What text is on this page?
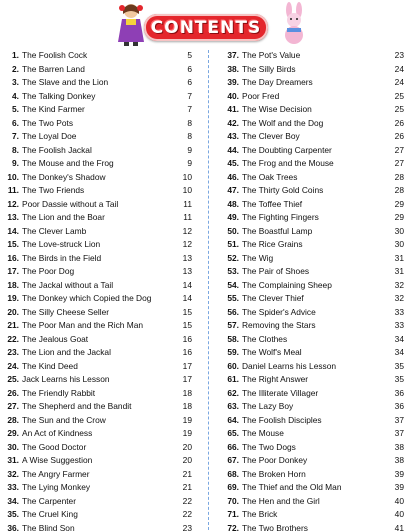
CONTENTS
1. The Foolish Cock	5
2. The Barren Land	6
3. The Slave and the Lion	6
4. The Talking Donkey	7
5. The Kind Farmer	7
6. The Two Pots	8
7. The Loyal Doe	8
8. The Foolish Jackal	9
9. The Mouse and the Frog	9
10. The Donkey's Shadow	10
11. The Two Friends	10
12. Poor Dassie without a Tail	11
13. The Lion and the Boar	11
14. The Clever Lamb	12
15. The Love-struck Lion	12
16. The Birds in the Field	13
17. The Poor Dog	13
18. The Jackal without a Tail	14
19. The Donkey which Copied the Dog	14
20. The Silly Cheese Seller	15
21. The Poor Man and the Rich Man	15
22. The Jealous Goat	16
23. The Lion and the Jackal	16
24. The Kind Deed	17
25. Jack Learns his Lesson	17
26. The Friendly Rabbit	18
27. The Shepherd and the Bandit	18
28. The Sun and the Crow	19
29. An Act of Kindness	19
30. The Good Doctor	20
31. A Wise Suggestion	20
32. The Angry Farmer	21
33. The Lying Monkey	21
34. The Carpenter	22
35. The Cruel King	22
36. The Blind Son	23
37. The Pot's Value	23
38. The Silly Birds	24
39. The Day Dreamers	24
40. Poor Fred	25
41. The Wise Decision	25
42. The Wolf and the Dog	26
43. The Clever Boy	26
44. The Doubting Carpenter	27
45. The Frog and the Mouse	27
46. The Oak Trees	28
47. The Thirty Gold Coins	28
48. The Toffee Thief	29
49. The Fighting Fingers	29
50. The Boastful Lamp	30
51. The Rice Grains	30
52. The Wig	31
53. The Pair of Shoes	31
54. The Complaining Sheep	32
55. The Clever Thief	32
56. The Spider's Advice	33
57. Removing the Stars	33
58. The Clothes	34
59. The Wolf's Meal	34
60. Daniel Learns his Lesson	35
61. The Right Answer	35
62. The Illiterate Villager	36
63. The Lazy Boy	36
64. The Foolish Disciples	37
65. The Mouse	37
66. The Two Dogs	38
67. The Poor Donkey	38
68. The Broken Horn	39
69. The Thief and the Old Man	39
70. The Hen and the Girl	40
71. The Brick	40
72. The Two Brothers	41
